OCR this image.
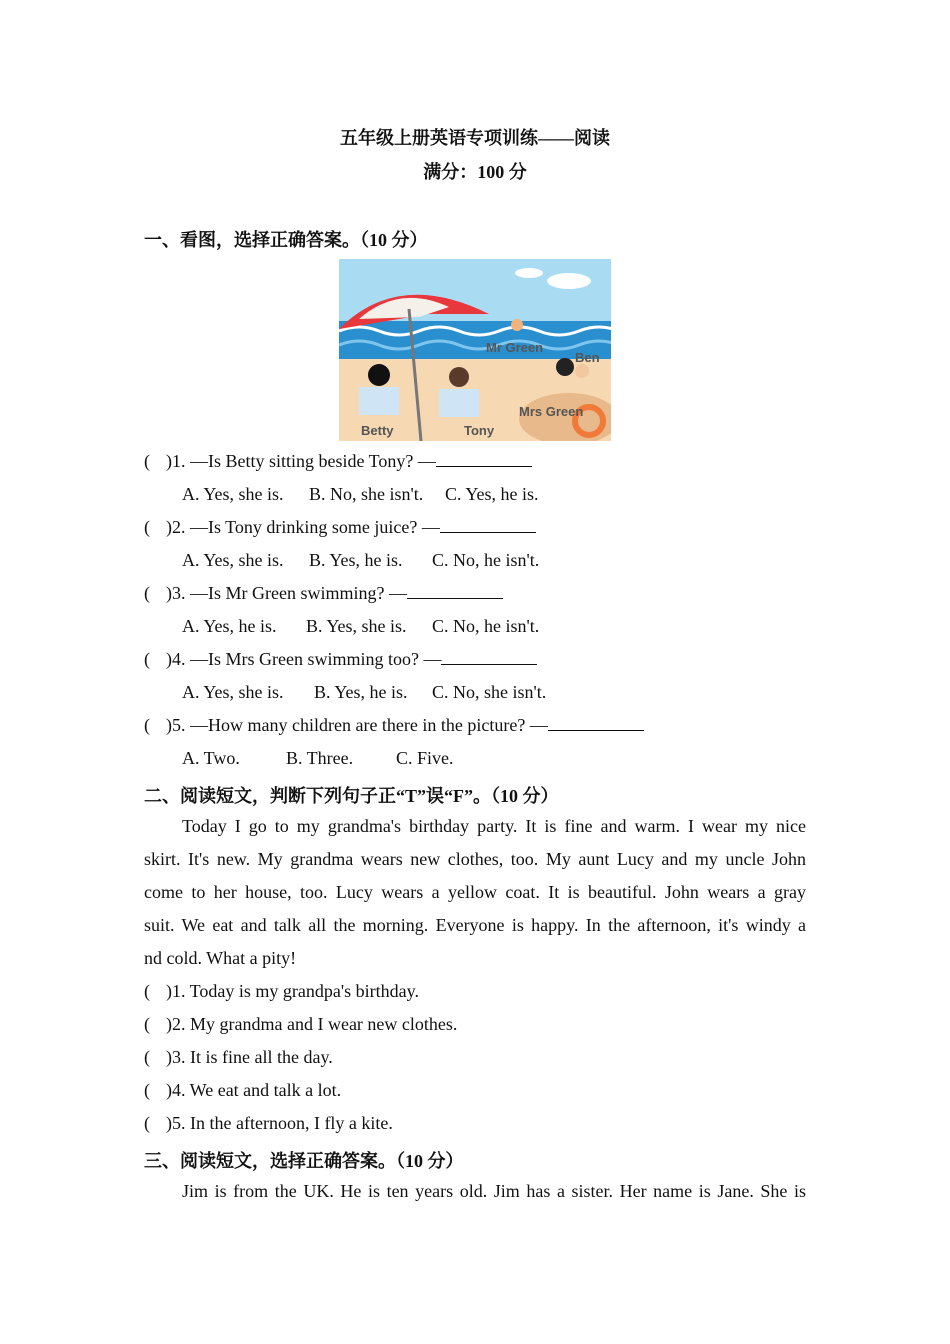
五年级上册英语专项训练——阅读
满分：100 分
一、看图，选择正确答案。（10 分）
Mr Green
Ben
Mrs Green
Betty	Tony
( )1. —Is Betty sitting beside Tony? —
A. Yes, she is. B. No, she isn't. C. Yes, he is.
( )2. —Is Tony drinking some juice? —
A. Yes, she is. B. Yes, he is. C. No, he isn't.
( )3. —Is Mr Green swimming? —
A. Yes, he is. B. Yes, she is. C. No, he isn't.
( )4. —Is Mrs Green swimming too? —
A. Yes, she is. B. Yes, he is. C. No, she isn't.
( )5. —How many children are there in the picture? —
A. Two.	B. Three. C. Five.
二、阅读短文，判断下列句子正“T”误“F”。（10 分）
Today I go to my grandma's birthday party. It is fine and warm. I wear my nice
skirt. It's new. My grandma wears new clothes, too. My aunt Lucy and my uncle John
come to her house, too. Lucy wears a yellow coat. It is beautiful. John wears a gray
suit. We eat and talk all the morning. Everyone is happy. In the afternoon, it's windy a
nd cold. What a pity!
( )1. Today is my grandpa's birthday.
( )2. My grandma and I wear new clothes.
( )3. It is fine all the day.
( )4. We eat and talk a lot.
( )5. In the afternoon, I fly a kite.
三、阅读短文，选择正确答案。（10 分）
Jim is from the UK. He is ten years old. Jim has a sister. Her name is Jane. She is
